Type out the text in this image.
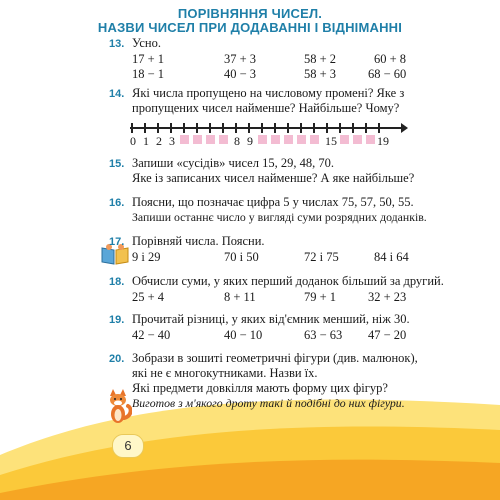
ПОРІВНЯННЯ ЧИСЕЛ.
НАЗВИ ЧИСЕЛ ПРИ ДОДАВАННІ І ВІДНІМАННІ
13. Усно.
17 + 1	37 + 3	58 + 2	60 + 8
18 − 1	40 − 3	58 + 3	68 − 60
14. Які числа пропущено на числовому промені? Яке з
пропущених чисел найменше? Найбільше? Чому?
0 1 2 3	8 9	15	19
15. Запиши «сусідів» чисел 15, 29, 48, 70.
Яке із записаних чисел найменше? А яке найбільше?
16. Поясни, що позначає цифра 5 у числах 75, 57, 50, 55.
Запиши останнє число у вигляді суми розрядних доданків.
17. Порівняй числа. Поясни.
9 і 29	70 і 50	72 і 75	84 і 64
18. Обчисли суми, у яких перший доданок більший за другий.
25 + 4	8 + 11	79 + 1	32 + 23
19. Прочитай різниці, у яких від'ємник менший, ніж 30.
42 − 40	40 − 10	63 − 63 47 − 20
20. Зобрази в зошиті геометричні фігури (див. малюнок),
які не є многокутниками. Назви їх.
Які предмети довкілля мають форму цих фігур?
Виготов з м'якого дроту такі й подібні до них фігури.
6
